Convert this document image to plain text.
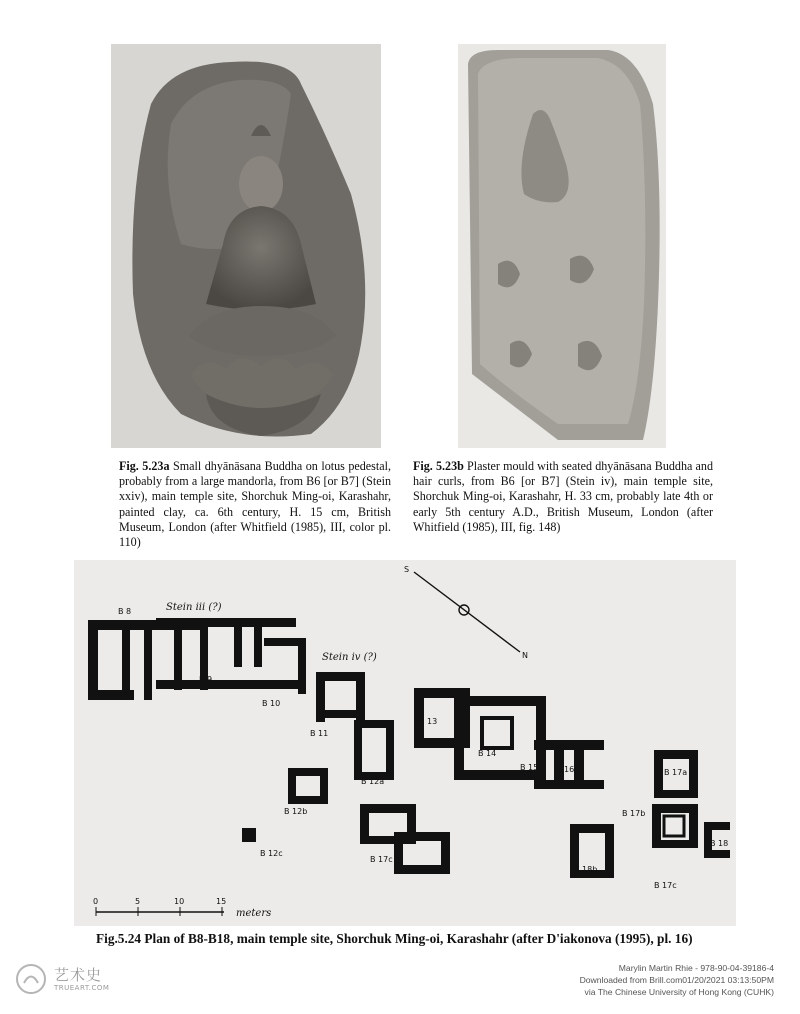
Fig. 5.23a Small dhyānāsana Buddha on lotus pedestal, probably from a large mandorla, from B6 [or B7] (Stein xxiv), main temple site, Shorchuk Ming-oi, Karashahr, painted clay, ca. 6th century, H. 15 cm, British Museum, London (after Whitfield (1985), III, color pl. 110)

Fig. 5.23b Plaster mould with seated dhyānāsana Buddha and hair curls, from B6 [or B7] (Stein iv), main temple site, Shorchuk Ming-oi, Karashahr, H. 33 cm, probably late 4th or early 5th century A.D., British Museum, London (after Whitfield (1985), III, fig. 148)

S
N
B 8	Stein iii (?)
B 9
B 10
Stein iv (?)
B 11
B 13
B 14
B 15 B 16a
B 12a
B 12b
B 12c
B 17c
B 17a
B 17b
B 18
B 18b
B 17c
0	5	10	15
meters

Fig.5.24 Plan of B8-B18, main temple site, Shorchuk Ming-oi, Karashahr (after D'iakonova (1995), pl. 16)

艺术史
TRUEART.COM
Marylin Martin Rhie - 978-90-04-39186-4
Downloaded from Brill.com01/20/2021 03:13:50PM
via The Chinese University of Hong Kong (CUHK)
